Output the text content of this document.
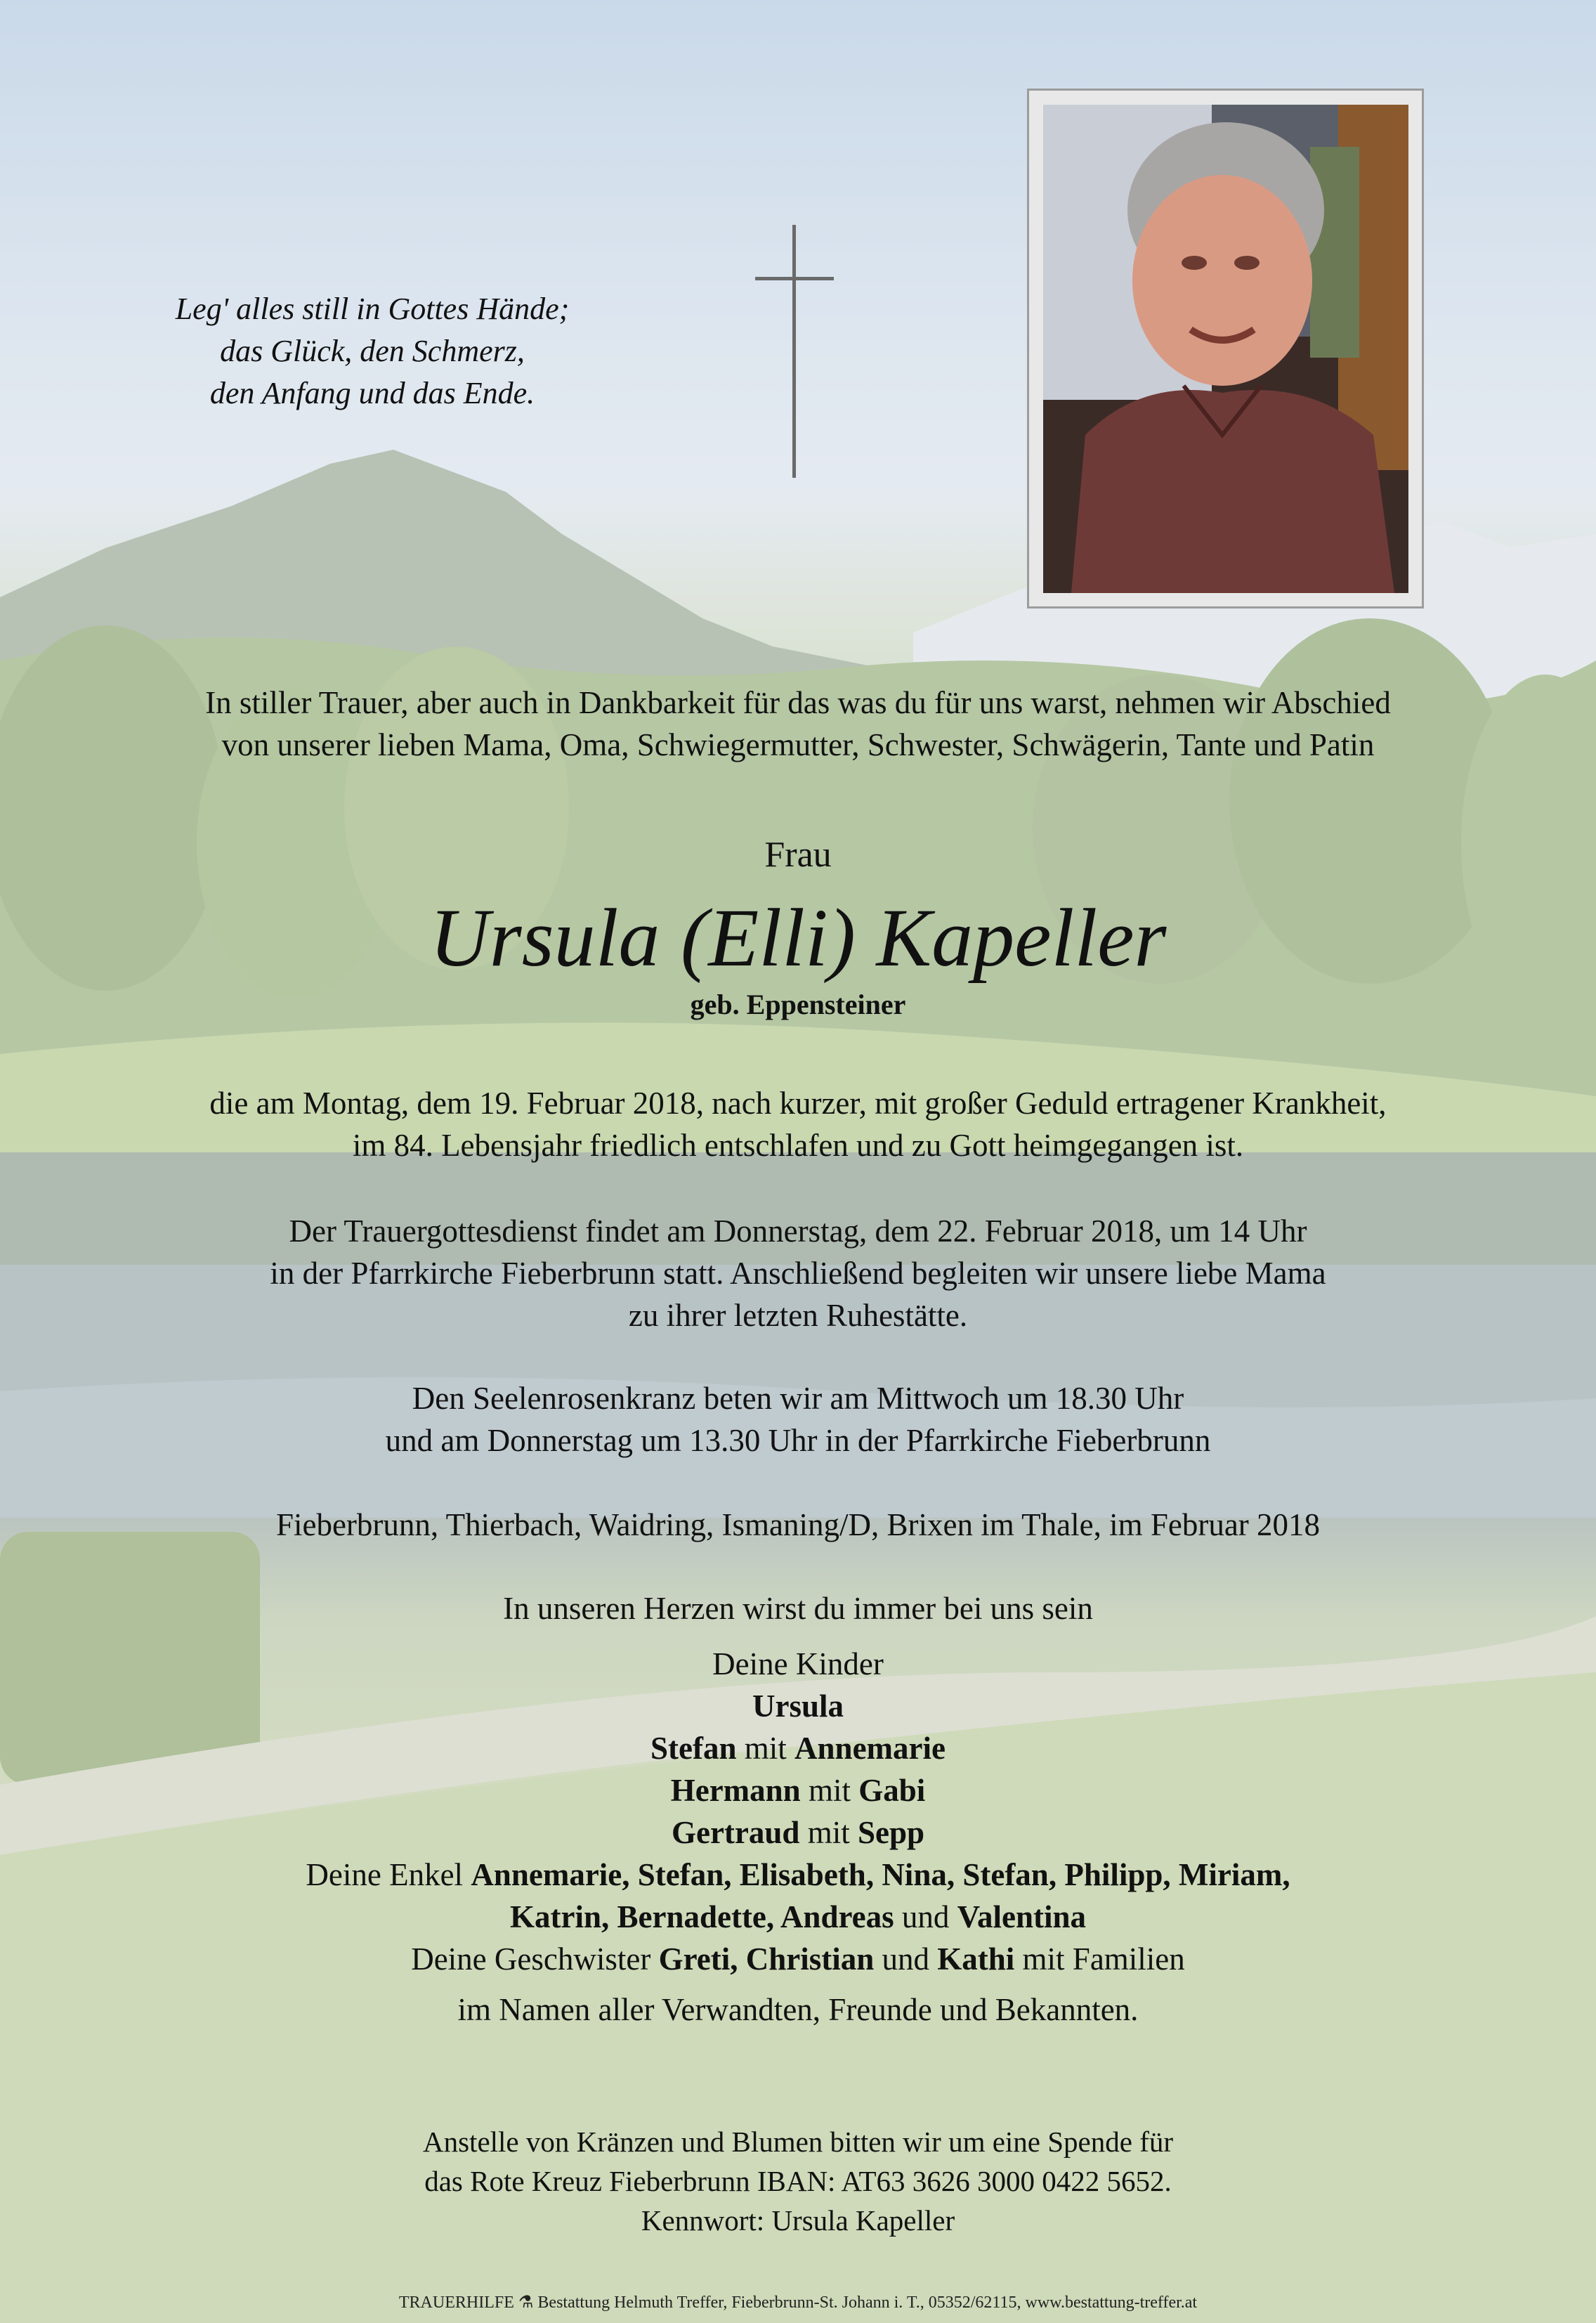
Leg' alles still in Gottes Hände;
das Glück, den Schmerz,
den Anfang und das Ende.
In stiller Trauer, aber auch in Dankbarkeit für das was du für uns warst, nehmen wir Abschied
von unserer lieben Mama, Oma, Schwiegermutter, Schwester, Schwägerin, Tante und Patin
Frau
Ursula (Elli) Kapeller
geb. Eppensteiner
die am Montag, dem 19. Februar 2018, nach kurzer, mit großer Geduld ertragener Krankheit,
im 84. Lebensjahr friedlich entschlafen und zu Gott heimgegangen ist.
Der Trauergottesdienst findet am Donnerstag, dem 22. Februar 2018, um 14 Uhr
in der Pfarrkirche Fieberbrunn statt. Anschließend begleiten wir unsere liebe Mama
zu ihrer letzten Ruhestätte.
Den Seelenrosenkranz beten wir am Mittwoch um 18.30 Uhr
und am Donnerstag um 13.30 Uhr in der Pfarrkirche Fieberbrunn
Fieberbrunn, Thierbach, Waidring, Ismaning/D, Brixen im Thale, im Februar 2018
In unseren Herzen wirst du immer bei uns sein
Deine Kinder
Ursula
Stefan mit Annemarie
Hermann mit Gabi
Gertraud mit Sepp
Deine Enkel Annemarie, Stefan, Elisabeth, Nina, Stefan, Philipp, Miriam,
Katrin, Bernadette, Andreas und Valentina
Deine Geschwister Greti, Christian und Kathi mit Familien
im Namen aller Verwandten, Freunde und Bekannten.
Anstelle von Kränzen und Blumen bitten wir um eine Spende für
das Rote Kreuz Fieberbrunn IBAN: AT63 3626 3000 0422 5652.
Kennwort: Ursula Kapeller
TRAUERHILFE ⚗ Bestattung Helmuth Treffer, Fieberbrunn-St. Johann i. T., 05352/62115, www.bestattung-treffer.at
